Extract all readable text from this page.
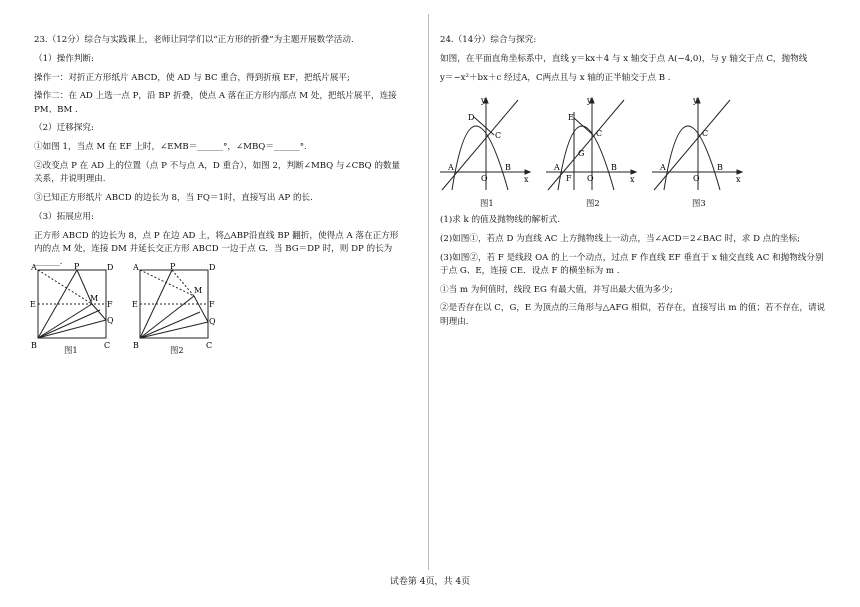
23.（12分）综合与实践课上，老师让同学们以“正方形的折叠”为主题开展数学活动.

（1）操作判断:

操作一：对折正方形纸片 ABCD，使 AD 与 BC 重合，得到折痕 EF，把纸片展平;

操作二：在 AD 上选一点 P，沿 BP 折叠，使点 A 落在正方形内部点 M 处，把纸片展平，连接 PM、BM .

（2）迁移探究:

①如图 1，当点 M 在 EF 上时，∠EMB＝______°，∠MBQ＝______°.

②改变点 P 在 AD 上的位置（点 P 不与点 A，D 重合），如图 2，判断∠MBQ 与∠CBQ 的数量关系，并说明理由.

③已知正方形纸片 ABCD 的边长为 8，当 FQ＝1时，直接写出 AP 的长.

（3）拓展应用:

正方形 ABCD 的边长为 8，点 P 在边 AD 上，将△ABP沿直线 BP 翻折，使得点 A 落在正方形内的点 M 处，连接 DM 并延长交正方形 ABCD 一边于点 G．当 BG＝DP 时，则 DP 的长为______.

A	P	D
E
M
F
Q
B	C
图1
A	P	D
E
M
F
Q
B	C
图2

24.（14分）综合与探究:

如图，在平面直角坐标系中，直线 y＝kx＋4 与 x 轴交于点 A(−4,0)，与 y 轴交于点 C，抛物线

y＝−x²＋bx＋c 经过A，C两点且与 x 轴的正半轴交于点 B .

y
x
D
C
A
O
B
图1
y
x
E
C
G
A
F O
B
图2
y
x
C
A
O
B
图3

(1)求 k 的值及抛物线的解析式.

(2)如图①，若点 D 为直线 AC 上方抛物线上一动点，当∠ACD＝2∠BAC 时，求 D 点的坐标;

(3)如图②，若 F 是线段 OA 的上一个动点，过点 F 作直线 EF 垂直于 x 轴交直线 AC 和抛物线分别于点 G、E，连接 CE．设点 F 的横坐标为 m .

①当 m 为何值时，线段 EG 有最大值，并写出最大值为多少;

②是否存在以 C，G，E 为顶点的三角形与△AFG 相似，若存在，直接写出 m 的值；若不存在，请说明理由.

试卷第 4页，共 4页
